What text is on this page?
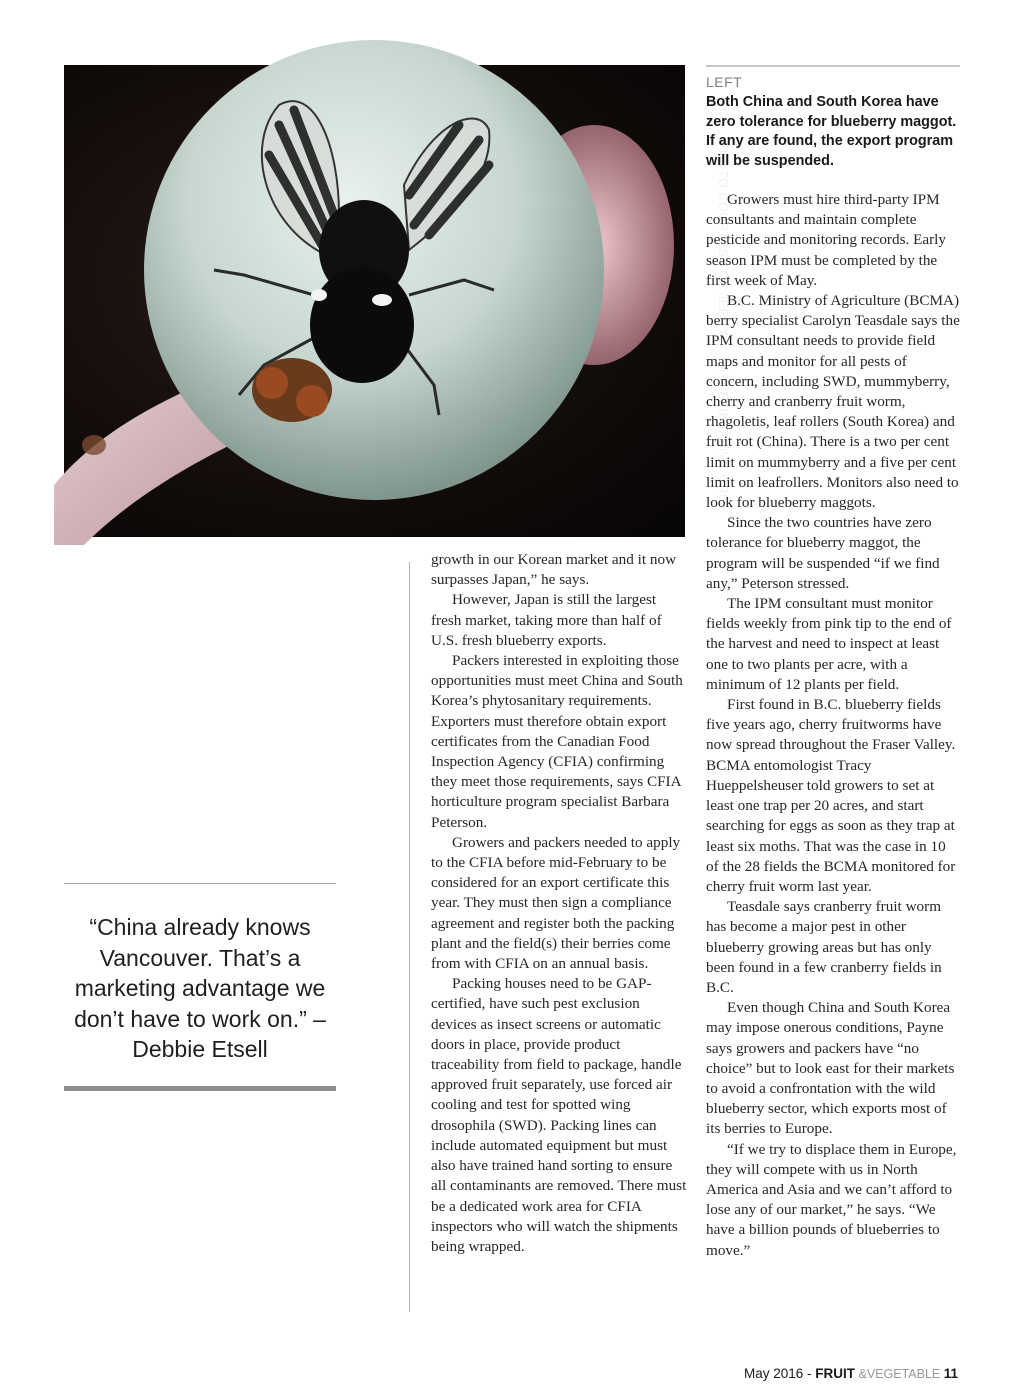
PHOTO COURTESY OF JERRY A. PAYNE, INVASIVE.ORG
LEFT
Both China and South Korea have zero tolerance for blueberry maggot. If any are found, the export program will be suspended.
“China already knows Vancouver. That’s a marketing advantage we don’t have to work on.” – Debbie Etsell

growth in our Korean market and it now surpasses Japan,” he says.

However, Japan is still the largest fresh market, taking more than half of U.S. fresh blueberry exports.

Packers interested in exploiting those opportunities must meet China and South Korea’s phytosanitary requirements. Exporters must therefore obtain export certificates from the Canadian Food Inspection Agency (CFIA) confirming they meet those requirements, says CFIA horticulture program specialist Barbara Peterson.

Growers and packers needed to apply to the CFIA before mid-February to be considered for an export certificate this year. They must then sign a compliance agreement and register both the packing plant and the field(s) their berries come from with CFIA on an annual basis.

Packing houses need to be GAP-certified, have such pest exclusion devices as insect screens or automatic doors in place, provide product traceability from field to package, handle approved fruit separately, use forced air cooling and test for spotted wing drosophila (SWD). Packing lines can include automated equipment but must also have trained hand sorting to ensure all contaminants are removed. There must be a dedicated work area for CFIA inspectors who will watch the shipments being wrapped.

Growers must hire third-party IPM consultants and maintain complete pesticide and monitoring records. Early season IPM must be completed by the first week of May.

B.C. Ministry of Agriculture (BCMA) berry specialist Carolyn Teasdale says the IPM consultant needs to provide field maps and monitor for all pests of concern, including SWD, mummyberry, cherry and cranberry fruit worm, rhagoletis, leaf rollers (South Korea) and fruit rot (China). There is a two per cent limit on mummyberry and a five per cent limit on leafrollers. Monitors also need to look for blueberry maggots.

Since the two countries have zero tolerance for blueberry maggot, the program will be suspended “if we find any,” Peterson stressed.

The IPM consultant must monitor fields weekly from pink tip to the end of the harvest and need to inspect at least one to two plants per acre, with a minimum of 12 plants per field.

First found in B.C. blueberry fields five years ago, cherry fruitworms have now spread throughout the Fraser Valley. BCMA entomologist Tracy Hueppelsheuser told growers to set at least one trap per 20 acres, and start searching for eggs as soon as they trap at least six moths. That was the case in 10 of the 28 fields the BCMA monitored for cherry fruit worm last year.

Teasdale says cranberry fruit worm has become a major pest in other blueberry growing areas but has only been found in a few cranberry fields in B.C.

Even though China and South Korea may impose onerous conditions, Payne says growers and packers have “no choice” but to look east for their markets to avoid a confrontation with the wild blueberry sector, which exports most of its berries to Europe.

“If we try to displace them in Europe, they will compete with us in North America and Asia and we can’t afford to lose any of our market,” he says. “We have a billion pounds of blueberries to move.”

May 2016 - FRUIT &VEGETABLE 11
